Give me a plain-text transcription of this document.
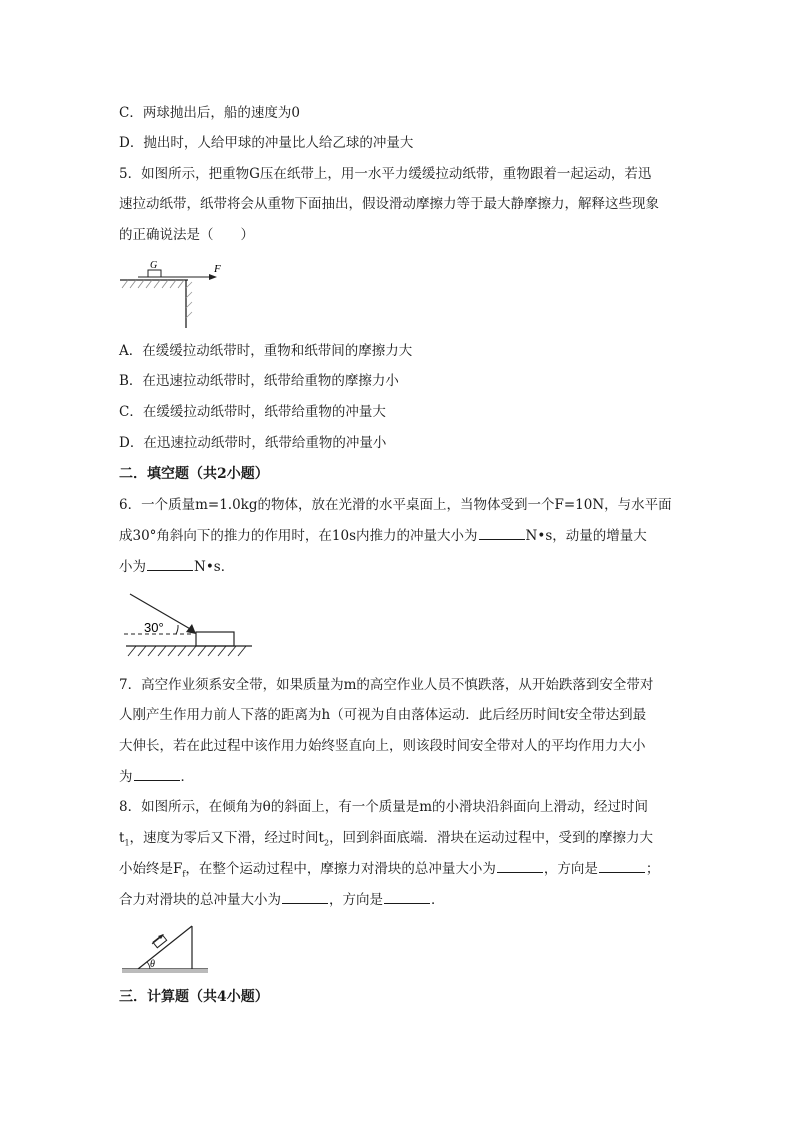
C．两球抛出后，船的速度为0
D．抛出时，人给甲球的冲量比人给乙球的冲量大
5．如图所示，把重物G压在纸带上，用一水平力缓缓拉动纸带，重物跟着一起运动，若迅
速拉动纸带，纸带将会从重物下面抽出，假设滑动摩擦力等于最大静摩擦力，解释这些现象
的正确说法是（　　）
G	F
A．在缓缓拉动纸带时，重物和纸带间的摩擦力大
B．在迅速拉动纸带时，纸带给重物的摩擦力小
C．在缓缓拉动纸带时，纸带给重物的冲量大
D．在迅速拉动纸带时，纸带给重物的冲量小
二．填空题（共2小题）
6．一个质量m=1.0kg的物体，放在光滑的水平桌面上，当物体受到一个F=10N，与水平面
成30°角斜向下的推力的作用时，在10s内推力的冲量大小为	N•s，动量的增量大
小为	N•s．
30°
7．高空作业须系安全带，如果质量为m的高空作业人员不慎跌落，从开始跌落到安全带对
人刚产生作用力前人下落的距离为h（可视为自由落体运动．此后经历时间t安全带达到最
大伸长，若在此过程中该作用力始终竖直向上，则该段时间安全带对人的平均作用力大小
为	．
8．如图所示，在倾角为θ的斜面上，有一个质量是m的小滑块沿斜面向上滑动，经过时间
$t_1$，速度为零后又下滑，经过时间$t_2$，回到斜面底端．滑块在运动过程中，受到的摩擦力大
小始终是$F_f$，在整个运动过程中，摩擦力对滑块的总冲量大小为	，方向是	；
合力对滑块的总冲量大小为	，方向是	．
θ
三．计算题（共4小题）
